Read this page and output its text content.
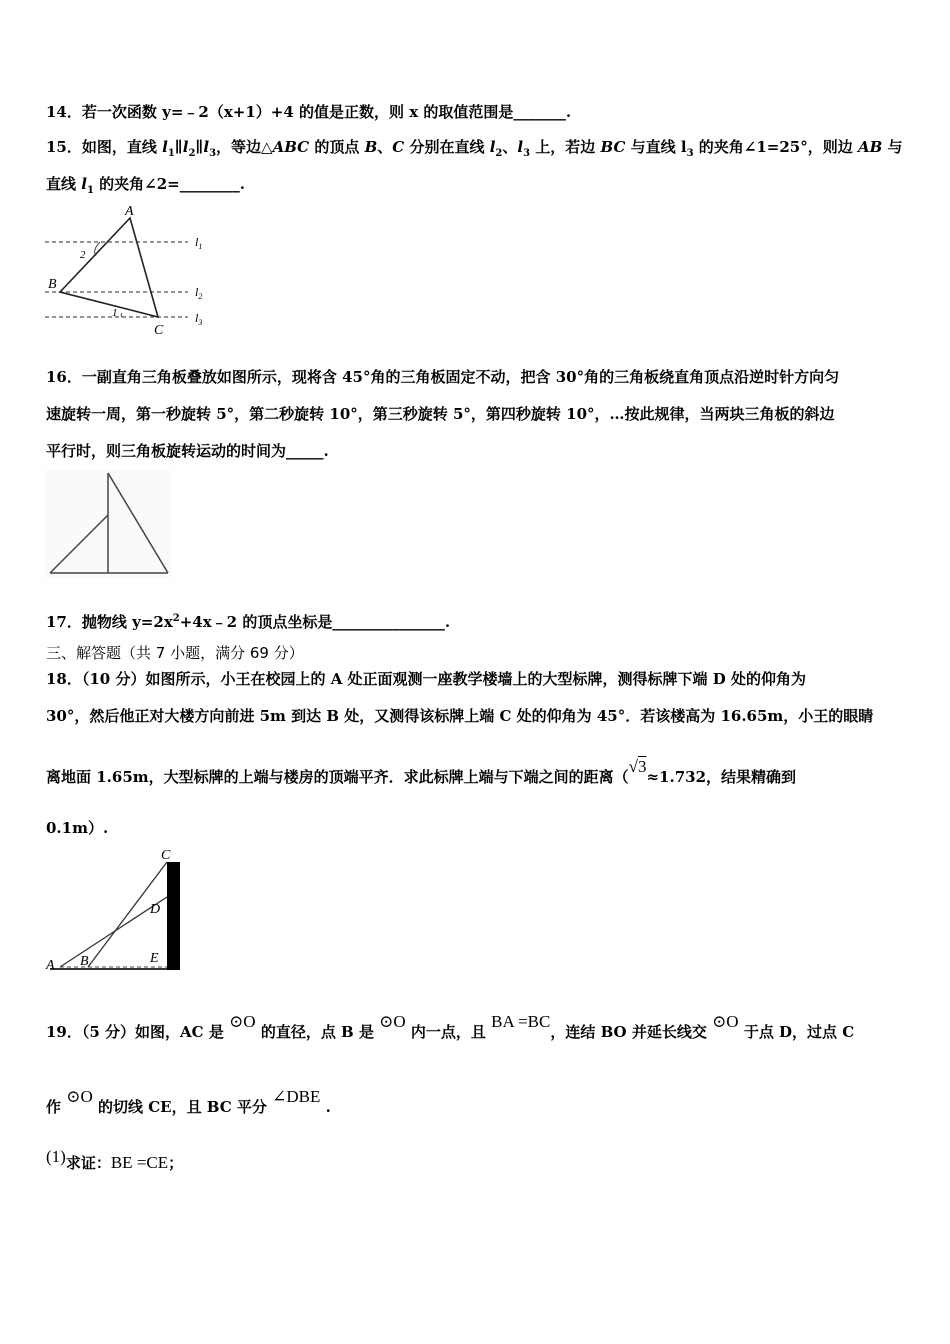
14．若一次函数 y=﹣2（x+1）+4 的值是正数，则 x 的取值范围是_______.
15．如图，直线 $l_1\parallel l_2\parallel l_3$，等边△ABC 的顶点 B、C 分别在直线 $l_2$、$l_3$ 上，若边 BC 与直线 $l_3$ 的夹角∠1=25°，则边 AB 与
直线 $l_1$ 的夹角∠2=________.
A
B
C
2
1
$l_1$
$l_2$
$l_3$
16．一副直角三角板叠放如图所示，现将含 45°角的三角板固定不动，把含 30°角的三角板绕直角顶点沿逆时针方向匀
速旋转一周，第一秒旋转 5°，第二秒旋转 10°，第三秒旋转 5°，第四秒旋转 10°，…按此规律，当两块三角板的斜边
平行时，则三角板旋转运动的时间为_____.
17．抛物线 $y=2x^2+4x﹣2$ 的顶点坐标是_______________.
三、解答题（共 7 小题，满分 69 分）
18．（10 分）如图所示，小王在校园上的 A 处正面观测一座教学楼墙上的大型标牌，测得标牌下端 D 处的仰角为
30°，然后他正对大楼方向前进 5m 到达 B 处，又测得该标牌上端 C 处的仰角为 45°．若该楼高为 16.65m，小王的眼睛
离地面 1.65m，大型标牌的上端与楼房的顶端平齐．求此标牌上端与下端之间的距离（√3≈1.732，结果精确到
0.1m）.
C
D
E
A B
19．（5 分）如图，AC 是 ⊙O 的直径，点 B 是 ⊙O 内一点，且 BA =BC，连结 BO 并延长线交 ⊙O 于点 D，过点 C
作 ⊙O 的切线 CE，且 BC 平分 ∠DBE .
(1)求证：BE =CE；
